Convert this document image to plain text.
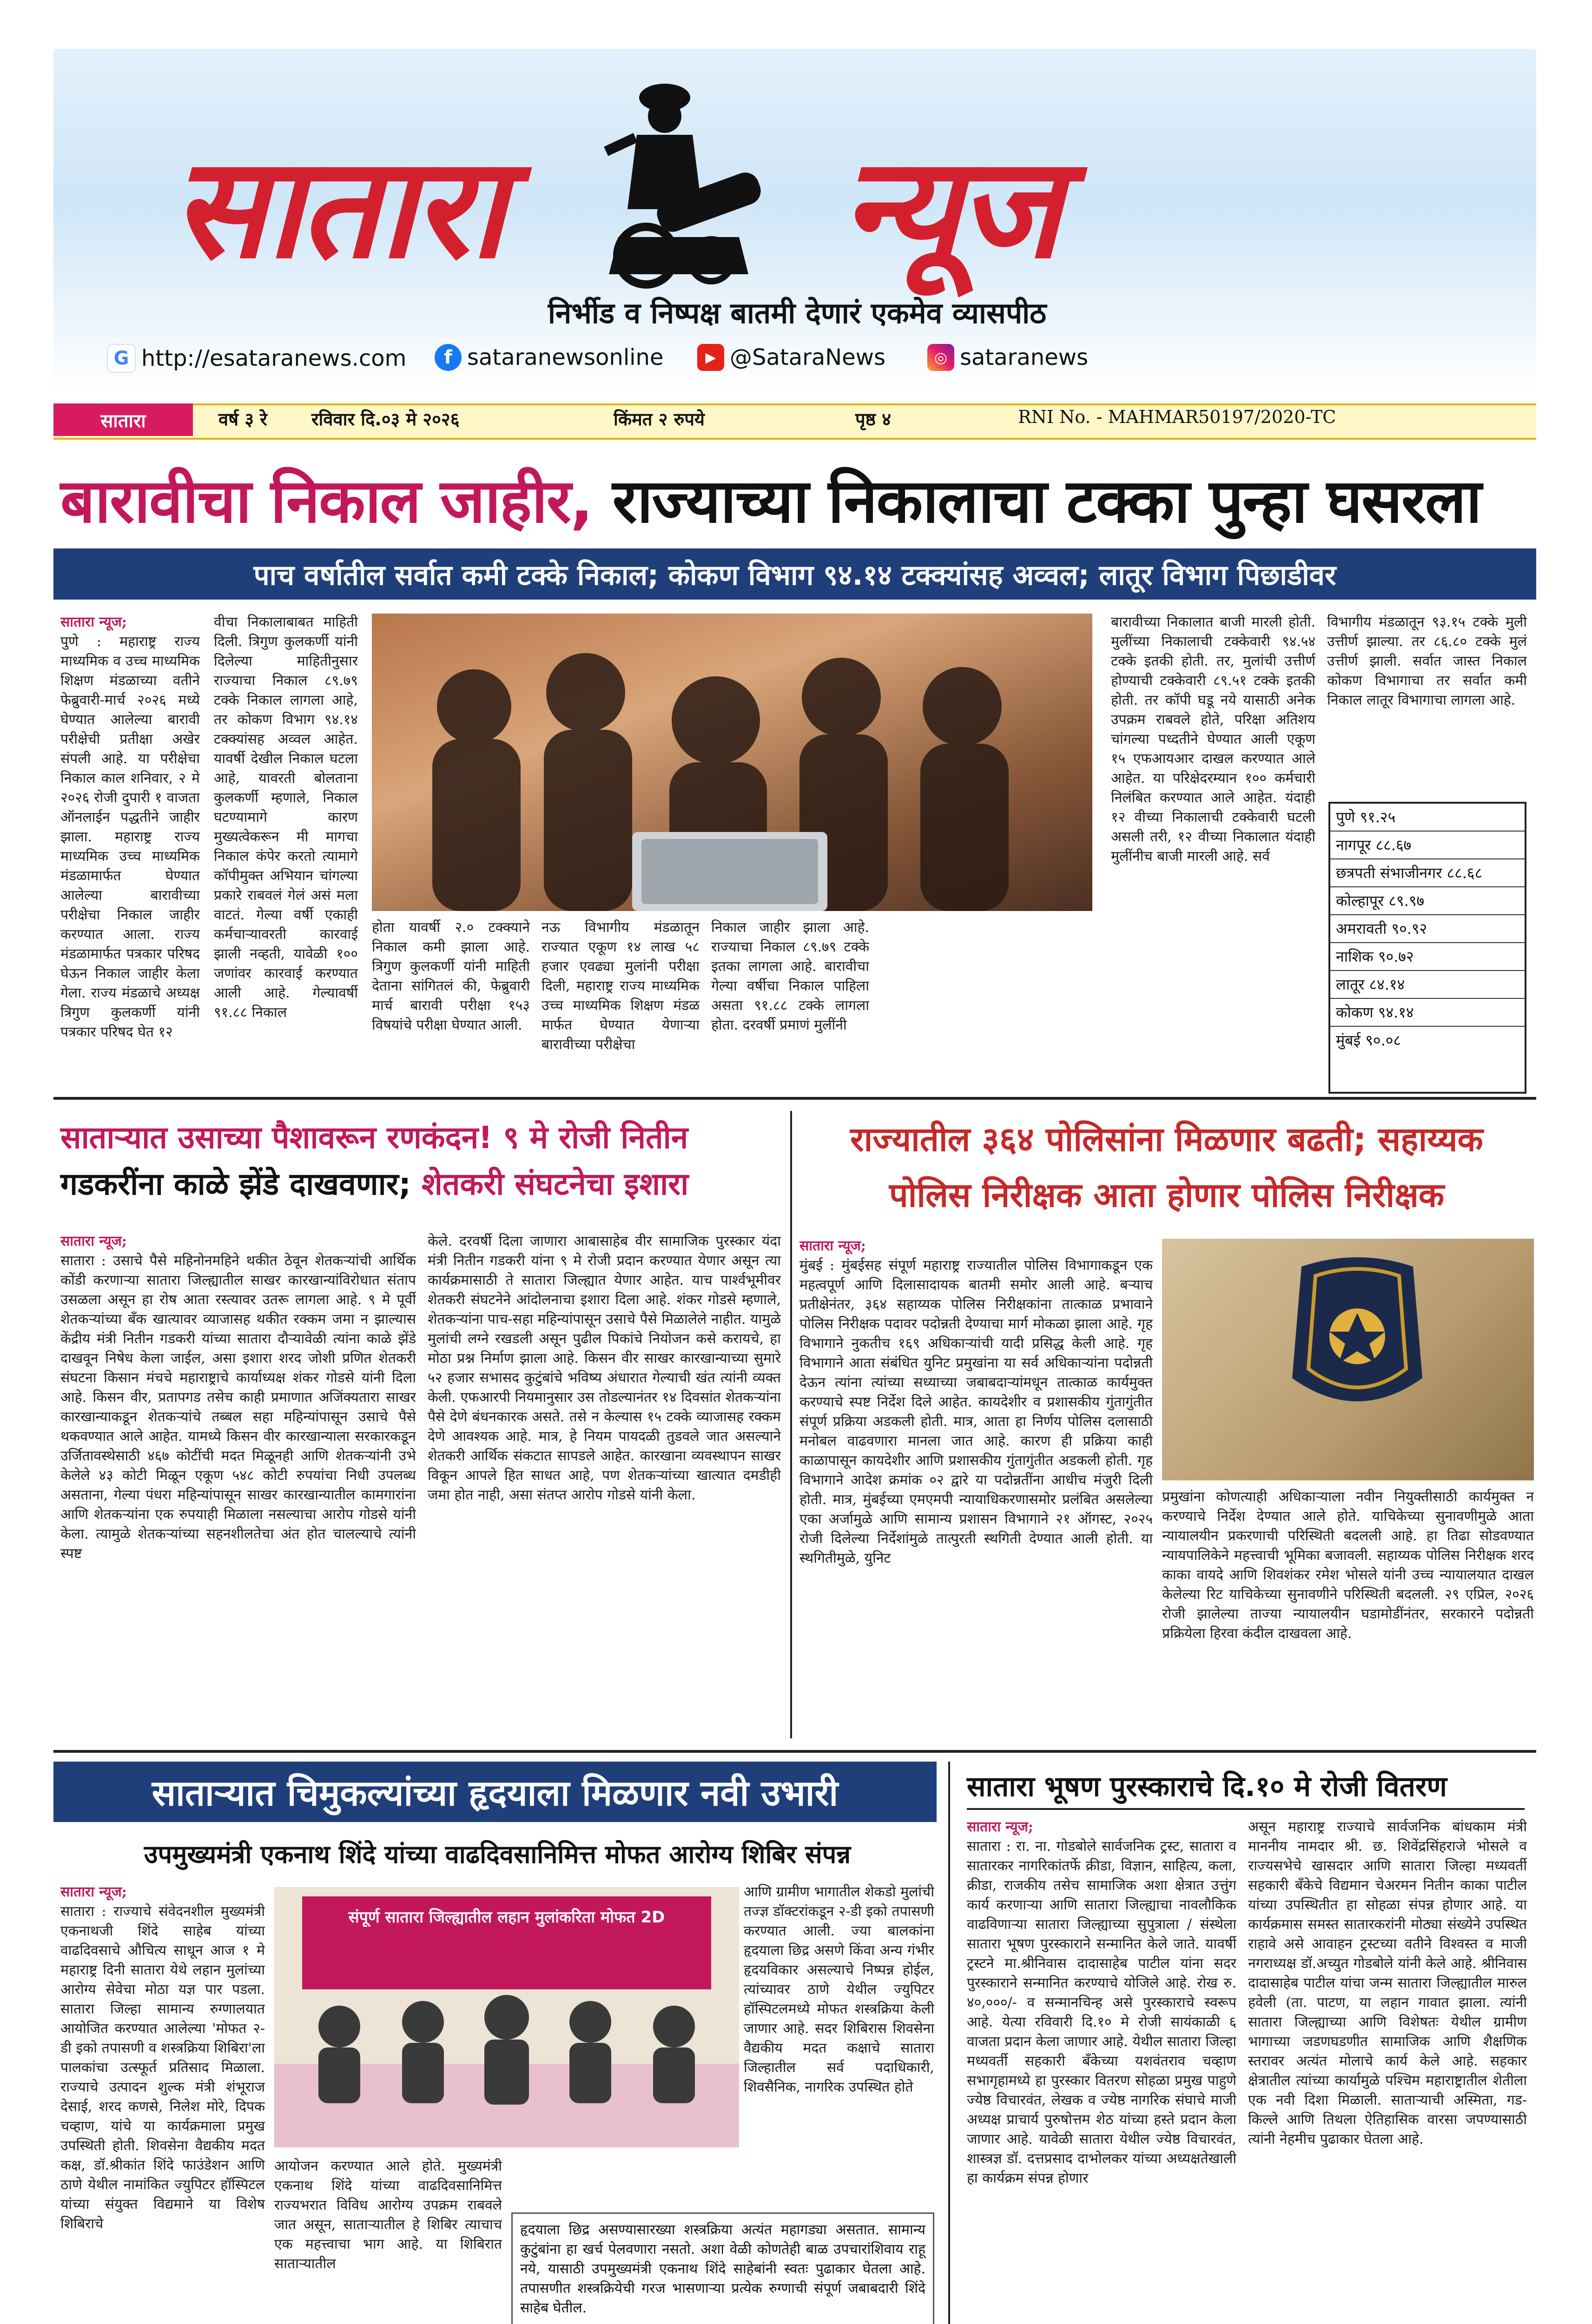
सातारा न्यूज
निर्भीड व निष्पक्ष बातमी देणारं एकमेव व्यासपीठ
G http://esataranews.com	f sataranewsonline	▶ @SataraNews	◎ sataranews
सातारा	वर्ष ३ रे	रविवार दि.०३ मे २०२६	किंमत २ रुपये	पृष्ठ ४	RNI No. - MAHMAR50197/2020-TC
बारावीचा निकाल जाहीर, राज्याच्या निकालाचा टक्का पुन्हा घसरला
पाच वर्षातील सर्वात कमी टक्के निकाल; कोकण विभाग ९४.१४ टक्क्यांसह अव्वल; लातूर विभाग पिछाडीवर
सातारा न्यूज;

पुणे : महाराष्ट्र राज्य माध्यमिक व उच्च माध्यमिक शिक्षण मंडळाच्या वतीने फेब्रुवारी-मार्च २०२६ मध्ये घेण्यात आलेल्या बारावी परीक्षेची प्रतीक्षा अखेर संपली आहे. या परीक्षेचा निकाल काल शनिवार, २ मे २०२६ रोजी दुपारी १ वाजता ऑनलाईन पद्धतीने जाहीर झाला. महाराष्ट्र राज्य माध्यमिक उच्च माध्यमिक मंडळामार्फत घेण्यात आलेल्या बारावीच्या परीक्षेचा निकाल जाहीर करण्यात आला. राज्य मंडळामार्फत पत्रकार परिषद घेऊन निकाल जाहीर केला गेला. राज्य मंडळाचे अध्यक्ष त्रिगुण कुलकर्णी यांनी पत्रकार परिषद घेत १२

वीचा निकालाबाबत माहिती दिली. त्रिगुण कुलकर्णी यांनी दिलेल्या माहितीनुसार राज्याचा निकाल ८९.७९ टक्के निकाल लागला आहे, तर कोकण विभाग ९४.१४ टक्क्यांसह अव्वल आहेत. यावर्षी देखील निकाल घटला आहे, यावरती बोलताना कुलकर्णी म्हणाले, निकाल घटण्यामागे कारण मुख्यत्वेकरून मी मागचा निकाल कंपेर करतो त्यामागे कॉपीमुक्त अभियान चांगल्या प्रकारे राबवलं गेलं असं मला वाटतं. गेल्या वर्षी एकाही कर्मचाऱ्यावरती कारवाई झाली नव्हती, यावेळी १०० जणांवर कारवाई करण्यात आली आहे. गेल्यावर्षी ९१.८८ निकाल

होता यावर्षी २.० टक्क्याने निकाल कमी झाला आहे. त्रिगुण कुलकर्णी यांनी माहिती देताना सांगितलं की, फेब्रुवारी मार्च बारावी परीक्षा १५३ विषयांचे परीक्षा घेण्यात आली.

नऊ विभागीय मंडळातून राज्यात एकूण १४ लाख ५८ हजार एवढ्या मुलांनी परीक्षा दिली, महाराष्ट्र राज्य माध्यमिक उच्च माध्यमिक शिक्षण मंडळ मार्फत घेण्यात येणाऱ्या बारावीच्या परीक्षेचा

निकाल जाहीर झाला आहे. राज्याचा निकाल ८९.७९ टक्के इतका लागला आहे. बारावीचा गेल्या वर्षीचा निकाल पाहिला असता ९१.८८ टक्के लागला होता. दरवर्षी प्रमाणं मुलींनी

बारावीच्या निकालात बाजी मारली होती. मुलींच्या निकालाची टक्केवारी ९४.५४ टक्के इतकी होती. तर, मुलांची उत्तीर्ण होण्याची टक्केवारी ८९.५१ टक्के इतकी होती. तर कॉपी घडू नये यासाठी अनेक उपक्रम राबवले होते, परिक्षा अतिशय चांगल्या पध्दतीने घेण्यात आली एकूण १५ एफआयआर दाखल करण्यात आले आहेत. या परिक्षेदरम्यान १०० कर्मचारी निलंबित करण्यात आले आहेत. यंदाही १२ वीच्या निकालाची टक्केवारी घटली असली तरी, १२ वीच्या निकालात यंदाही मुलींनीच बाजी मारली आहे. सर्व

विभागीय मंडळातून ९३.१५ टक्के मुली उत्तीर्ण झाल्या. तर ८६.८० टक्के मुलं उत्तीर्ण झाली. सर्वात जास्त निकाल कोकण विभागाचा तर सर्वात कमी निकाल लातूर विभागाचा लागला आहे.

पुणे ९१.२५
नागपूर ८८.६७
छत्रपती संभाजीनगर ८८.६८
कोल्हापूर ८९.९७
अमरावती ९०.९२
नाशिक ९०.७२
लातूर ८४.१४
कोकण ९४.१४
मुंबई ९०.०८
साताऱ्यात उसाच्या पैशावरून रणकंदन! ९ मे रोजी नितीन
गडकरींना काळे झेंडे दाखवणार; शेतकरी संघटनेचा इशारा
सातारा न्यूज;

सातारा : उसाचे पैसे महिनोनमहिने थकीत ठेवून शेतकऱ्यांची आर्थिक कोंडी करणाऱ्या सातारा जिल्ह्यातील साखर कारखान्यांविरोधात संताप उसळला असून हा रोष आता रस्त्यावर उतरू लागला आहे. ९ मे पूर्वी शेतकऱ्यांच्या बँक खात्यावर व्याजासह थकीत रक्कम जमा न झाल्यास केंद्रीय मंत्री नितीन गडकरी यांच्या सातारा दौऱ्यावेळी त्यांना काळे झेंडे दाखवून निषेध केला जाईल, असा इशारा शरद जोशी प्रणित शेतकरी संघटना किसान मंचचे महाराष्ट्राचे कार्याध्यक्ष शंकर गोडसे यांनी दिला आहे. किसन वीर, प्रतापगड तसेच काही प्रमाणात अजिंक्यतारा साखर कारखान्याकडून शेतकऱ्यांचे तब्बल सहा महिन्यांपासून उसाचे पैसे थकवण्यात आले आहेत. यामध्ये किसन वीर कारखान्याला सरकारकडून उर्जितावस्थेसाठी ४६७ कोटींची मदत मिळूनही आणि शेतकऱ्यांनी उभे केलेले ४३ कोटी मिळून एकूण ५४८ कोटी रुपयांचा निधी उपलब्ध असताना, गेल्या पंधरा महिन्यांपासून साखर कारखान्यातील कामगारांना आणि शेतकऱ्यांना एक रुपयाही मिळाला नसल्याचा आरोप गोडसे यांनी केला. त्यामुळे शेतकऱ्यांच्या सहनशीलतेचा अंत होत चालल्याचे त्यांनी स्पष्ट

केले. दरवर्षी दिला जाणारा आबासाहेब वीर सामाजिक पुरस्कार यंदा मंत्री नितीन गडकरी यांना ९ मे रोजी प्रदान करण्यात येणार असून त्या कार्यक्रमासाठी ते सातारा जिल्ह्यात येणार आहेत. याच पार्श्वभूमीवर शेतकरी संघटनेने आंदोलनाचा इशारा दिला आहे. शंकर गोडसे म्हणाले, शेतकऱ्यांना पाच-सहा महिन्यांपासून उसाचे पैसे मिळालेले नाहीत. यामुळे मुलांची लग्ने रखडली असून पुढील पिकांचे नियोजन कसे करायचे, हा मोठा प्रश्न निर्माण झाला आहे. किसन वीर साखर कारखान्याच्या सुमारे ५२ हजार सभासद कुटुंबांचे भविष्य अंधारात गेल्याची खंत त्यांनी व्यक्त केली. एफआरपी नियमानुसार उस तोडल्यानंतर १४ दिवसांत शेतकऱ्यांना पैसे देणे बंधनकारक असते. तसे न केल्यास १५ टक्के व्याजासह रक्कम देणे आवश्यक आहे. मात्र, हे नियम पायदळी तुडवले जात असल्याने शेतकरी आर्थिक संकटात सापडले आहेत. कारखाना व्यवस्थापन साखर विकून आपले हित साधत आहे, पण शेतकऱ्यांच्या खात्यात दमडीही जमा होत नाही, असा संतप्त आरोप गोडसे यांनी केला.

राज्यातील ३६४ पोलिसांना मिळणार बढती; सहाय्यक
पोलिस निरीक्षक आता होणार पोलिस निरीक्षक
सातारा न्यूज;

मुंबई : मुंबईसह संपूर्ण महाराष्ट्र राज्यातील पोलिस विभागाकडून एक महत्वपूर्ण आणि दिलासादायक बातमी समोर आली आहे. बऱ्याच प्रतीक्षेनंतर, ३६४ सहाय्यक पोलिस निरीक्षकांना तात्काळ प्रभावाने पोलिस निरीक्षक पदावर पदोन्नती देण्याचा मार्ग मोकळा झाला आहे. गृह विभागाने नुकतीच १६९ अधिकाऱ्यांची यादी प्रसिद्ध केली आहे. गृह विभागाने आता संबंधित युनिट प्रमुखांना या सर्व अधिकाऱ्यांना पदोन्नती देऊन त्यांना त्यांच्या सध्याच्या जबाबदाऱ्यांमधून तात्काळ कार्यमुक्त करण्याचे स्पष्ट निर्देश दिले आहेत. कायदेशीर व प्रशासकीय गुंतागुंतीत संपूर्ण प्रक्रिया अडकली होती. मात्र, आता हा निर्णय पोलिस दलासाठी मनोबल वाढवणारा मानला जात आहे. कारण ही प्रक्रिया काही काळापासून कायदेशीर आणि प्रशासकीय गुंतागुंतीत अडकली होती. गृह विभागाने आदेश क्रमांक ०२ द्वारे या पदोन्नतींना आधीच मंजुरी दिली होती. मात्र, मुंबईच्या एमएमपी न्यायाधिकरणासमोर प्रलंबित असलेल्या एका अर्जामुळे आणि सामान्य प्रशासन विभागाने २१ ऑगस्ट, २०२५ रोजी दिलेल्या निर्देशांमुळे तात्पुरती स्थगिती देण्यात आली होती. या स्थगितीमुळे, युनिट

प्रमुखांना कोणत्याही अधिकाऱ्याला नवीन नियुक्तीसाठी कार्यमुक्त न करण्याचे निर्देश देण्यात आले होते. याचिकेच्या सुनावणीमुळे आता न्यायालयीन प्रकरणाची परिस्थिती बदलली आहे. हा तिढा सोडवण्यात न्यायपालिकेने महत्त्वाची भूमिका बजावली. सहाय्यक पोलिस निरीक्षक शरद काका वायदे आणि शिवशंकर रमेश भोसले यांनी उच्च न्यायालयात दाखल केलेल्या रिट याचिकेच्या सुनावणीने परिस्थिती बदलली. २९ एप्रिल, २०२६ रोजी झालेल्या ताज्या न्यायालयीन घडामोडींनंतर, सरकारने पदोन्नती प्रक्रियेला हिरवा कंदील दाखवला आहे.

साताऱ्यात चिमुकल्यांच्या हृदयाला मिळणार नवी उभारी
उपमुख्यमंत्री एकनाथ शिंदे यांच्या वाढदिवसानिमित्त मोफत आरोग्य शिबिर संपन्न
सातारा न्यूज;

सातारा : राज्याचे संवेदनशील मुख्यमंत्री एकनाथजी शिंदे साहेब यांच्या वाढदिवसाचे औचित्य साधून आज १ मे महाराष्ट्र दिनी सातारा येथे लहान मुलांच्या आरोग्य सेवेचा मोठा यज्ञ पार पडला. सातारा जिल्हा सामान्य रुग्णालयात आयोजित करण्यात आलेल्या 'मोफत २-डी इको तपासणी व शस्त्रक्रिया शिबिरा'ला पालकांचा उत्स्फूर्त प्रतिसाद मिळाला. राज्याचे उत्पादन शुल्क मंत्री शंभूराज देसाई, शरद कणसे, निलेश मोरे, दिपक चव्हाण, यांचे या कार्यक्रमाला प्रमुख उपस्थिती होती. शिवसेना वैद्यकीय मदत कक्ष, डॉ.श्रीकांत शिंदे फाउंडेशन आणि ठाणे येथील नामांकित ज्युपिटर हॉस्पिटल यांच्या संयुक्त विद्यमाने या विशेष शिबिराचे

संपूर्ण सातारा जिल्ह्यातील लहान मुलांकरिता मोफत 2D

आयोजन करण्यात आले होते. मुख्यमंत्री एकनाथ शिंदे यांच्या वाढदिवसानिमित्त राज्यभरात विविध आरोग्य उपक्रम राबवले जात असून, साताऱ्यातील हे शिबिर त्याचाच एक महत्त्वाचा भाग आहे. या शिबिरात साताऱ्यातील

आणि ग्रामीण भागातील शेकडो मुलांची तज्ज्ञ डॉक्टरांकडून २-डी इको तपासणी करण्यात आली. ज्या बालकांना हृदयाला छिद्र असणे किंवा अन्य गंभीर हृदयविकार असल्याचे निष्पन्न होईल, त्यांच्यावर ठाणे येथील ज्युपिटर हॉस्पिटलमध्ये मोफत शस्त्रक्रिया केली जाणार आहे. सदर शिबिरास शिवसेना वैद्यकीय मदत कक्षाचे सातारा जिल्हातील सर्व पदाधिकारी, शिवसैनिक, नागरिक उपस्थित होते

हृदयाला छिद्र असण्यासारख्या शस्त्रक्रिया अत्यंत महागड्या असतात. सामान्य कुटुंबांना हा खर्च पेलवणारा नसतो. अशा वेळी कोणतेही बाळ उपचारांशिवाय राहू नये, यासाठी उपमुख्यमंत्री एकनाथ शिंदे साहेबांनी स्वतः पुढाकार घेतला आहे. तपासणीत शस्त्रक्रियेची गरज भासणाऱ्या प्रत्येक रुग्णाची संपूर्ण जबाबदारी शिंदे साहेब घेतील.
सातारा भूषण पुरस्काराचे दि.१० मे रोजी वितरण
सातारा न्यूज;

सातारा : रा. ना. गोडबोले सार्वजनिक ट्रस्ट, सातारा व सातारकर नागरिकांतर्फे क्रीडा, विज्ञान, साहित्य, कला, क्रीडा, राजकीय तसेच सामाजिक अशा क्षेत्रात उत्तुंग कार्य करणाऱ्या आणि सातारा जिल्ह्याचा नावलौकिक वाढविणाऱ्या सातारा जिल्ह्याच्या सुपुत्राला / संस्थेला सातारा भूषण पुरस्काराने सन्मानित केले जाते. यावर्षी ट्रस्टने मा.श्रीनिवास दादासाहेब पाटील यांना सदर पुरस्काराने सन्मानित करण्याचे योजिले आहे. रोख रु. ४०,०००/- व सन्मानचिन्ह असे पुरस्काराचे स्वरूप आहे. येत्या रविवारी दि.१० मे रोजी सायंकाळी ६ वाजता प्रदान केला जाणार आहे. येथील सातारा जिल्हा मध्यवर्ती सहकारी बँकेच्या यशवंतराव चव्हाण सभागृहामध्ये हा पुरस्कार वितरण सोहळा प्रमुख पाहुणे ज्येष्ठ विचारवंत, लेखक व ज्येष्ठ नागरिक संघाचे माजी अध्यक्ष प्राचार्य पुरुषोत्तम शेठ यांच्या हस्ते प्रदान केला जाणार आहे. यावेळी सातारा येथील ज्येष्ठ विचारवंत, शास्त्रज्ञ डॉ. दत्तप्रसाद दाभोलकर यांच्या अध्यक्षतेखाली हा कार्यक्रम संपन्न होणार

असून महाराष्ट्र राज्याचे सार्वजनिक बांधकाम मंत्री माननीय नामदार श्री. छ. शिवेंद्रसिंहराजे भोसले व राज्यसभेचे खासदार आणि सातारा जिल्हा मध्यवर्ती सहकारी बँकेचे विद्यमान चेअरमन नितीन काका पाटील यांच्या उपस्थितीत हा सोहळा संपन्न होणार आहे. या कार्यक्रमास समस्त सातारकरांनी मोठ्या संख्येने उपस्थित राहावे असे आवाहन ट्रस्टच्या वतीने विश्वस्त व माजी नगराध्यक्ष डॉ.अच्युत गोडबोले यांनी केले आहे. श्रीनिवास दादासाहेब पाटील यांचा जन्म सातारा जिल्ह्यातील मारुल हवेली (ता. पाटण, या लहान गावात झाला. त्यांनी सातारा जिल्ह्याच्या आणि विशेषतः येथील ग्रामीण भागाच्या जडणघडणीत सामाजिक आणि शैक्षणिक स्तरावर अत्यंत मोलाचे कार्य केले आहे. सहकार क्षेत्रातील त्यांच्या कार्यामुळे पश्चिम महाराष्ट्रातील शेतीला एक नवी दिशा मिळाली. साताऱ्याची अस्मिता, गड-किल्ले आणि तिथला ऐतिहासिक वारसा जपण्यासाठी त्यांनी नेहमीच पुढाकार घेतला आहे.
